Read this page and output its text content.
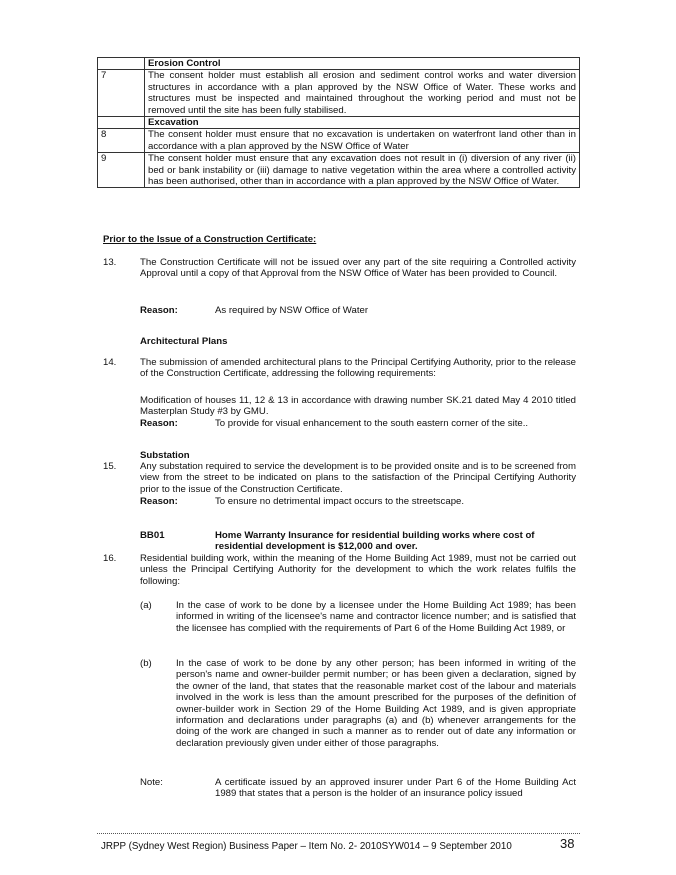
	Erosion Control
7	The consent holder must establish all erosion and sediment control works and water diversion structures in accordance with a plan approved by the NSW Office of Water. These works and structures must be inspected and maintained throughout the working period and must not be removed until the site has been fully stabilised.
	Excavation
8	The consent holder must ensure that no excavation is undertaken on waterfront land other than in accordance with a plan approved by the NSW Office of Water
9	The consent holder must ensure that any excavation does not result in (i) diversion of any river (ii) bed or bank instability or (iii) damage to native vegetation within the area where a controlled activity has been authorised, other than in accordance with a plan approved by the NSW Office of Water.
Prior to the Issue of a Construction Certificate:
13. The Construction Certificate will not be issued over any part of the site requiring a Controlled activity Approval until a copy of that Approval from the NSW Office of Water has been provided to Council.
Reason:	As required by NSW Office of Water
Architectural Plans
14. The submission of amended architectural plans to the Principal Certifying Authority, prior to the release of the Construction Certificate, addressing the following requirements:
Modification of houses 11, 12 & 13 in accordance with drawing number SK.21 dated May 4 2010 titled Masterplan Study #3 by GMU.
Reason:	To provide for visual enhancement to the south eastern corner of the site..
Substation
15. Any substation required to service the development is to be provided onsite and is to be screened from view from the street to be indicated on plans to the satisfaction of the Principal Certifying Authority prior to the issue of the Construction Certificate.
Reason:	To ensure no detrimental impact occurs to the streetscape.
BB01	Home Warranty Insurance for residential building works where cost of residential development is $12,000 and over.
16. Residential building work, within the meaning of the Home Building Act 1989, must not be carried out unless the Principal Certifying Authority for the development to which the work relates fulfils the following:
(a)	In the case of work to be done by a licensee under the Home Building Act 1989; has been informed in writing of the licensee's name and contractor licence number; and is satisfied that the licensee has complied with the requirements of Part 6 of the Home Building Act 1989, or
(b)	In the case of work to be done by any other person; has been informed in writing of the person's name and owner-builder permit number; or has been given a declaration, signed by the owner of the land, that states that the reasonable market cost of the labour and materials involved in the work is less than the amount prescribed for the purposes of the definition of owner-builder work in Section 29 of the Home Building Act 1989, and is given appropriate information and declarations under paragraphs (a) and (b) whenever arrangements for the doing of the work are changed in such a manner as to render out of date any information or declaration previously given under either of those paragraphs.
Note:	A certificate issued by an approved insurer under Part 6 of the Home Building Act 1989 that states that a person is the holder of an insurance policy issued
JRPP (Sydney West Region) Business Paper – Item No. 2- 2010SYW014 – 9 September 2010	38
